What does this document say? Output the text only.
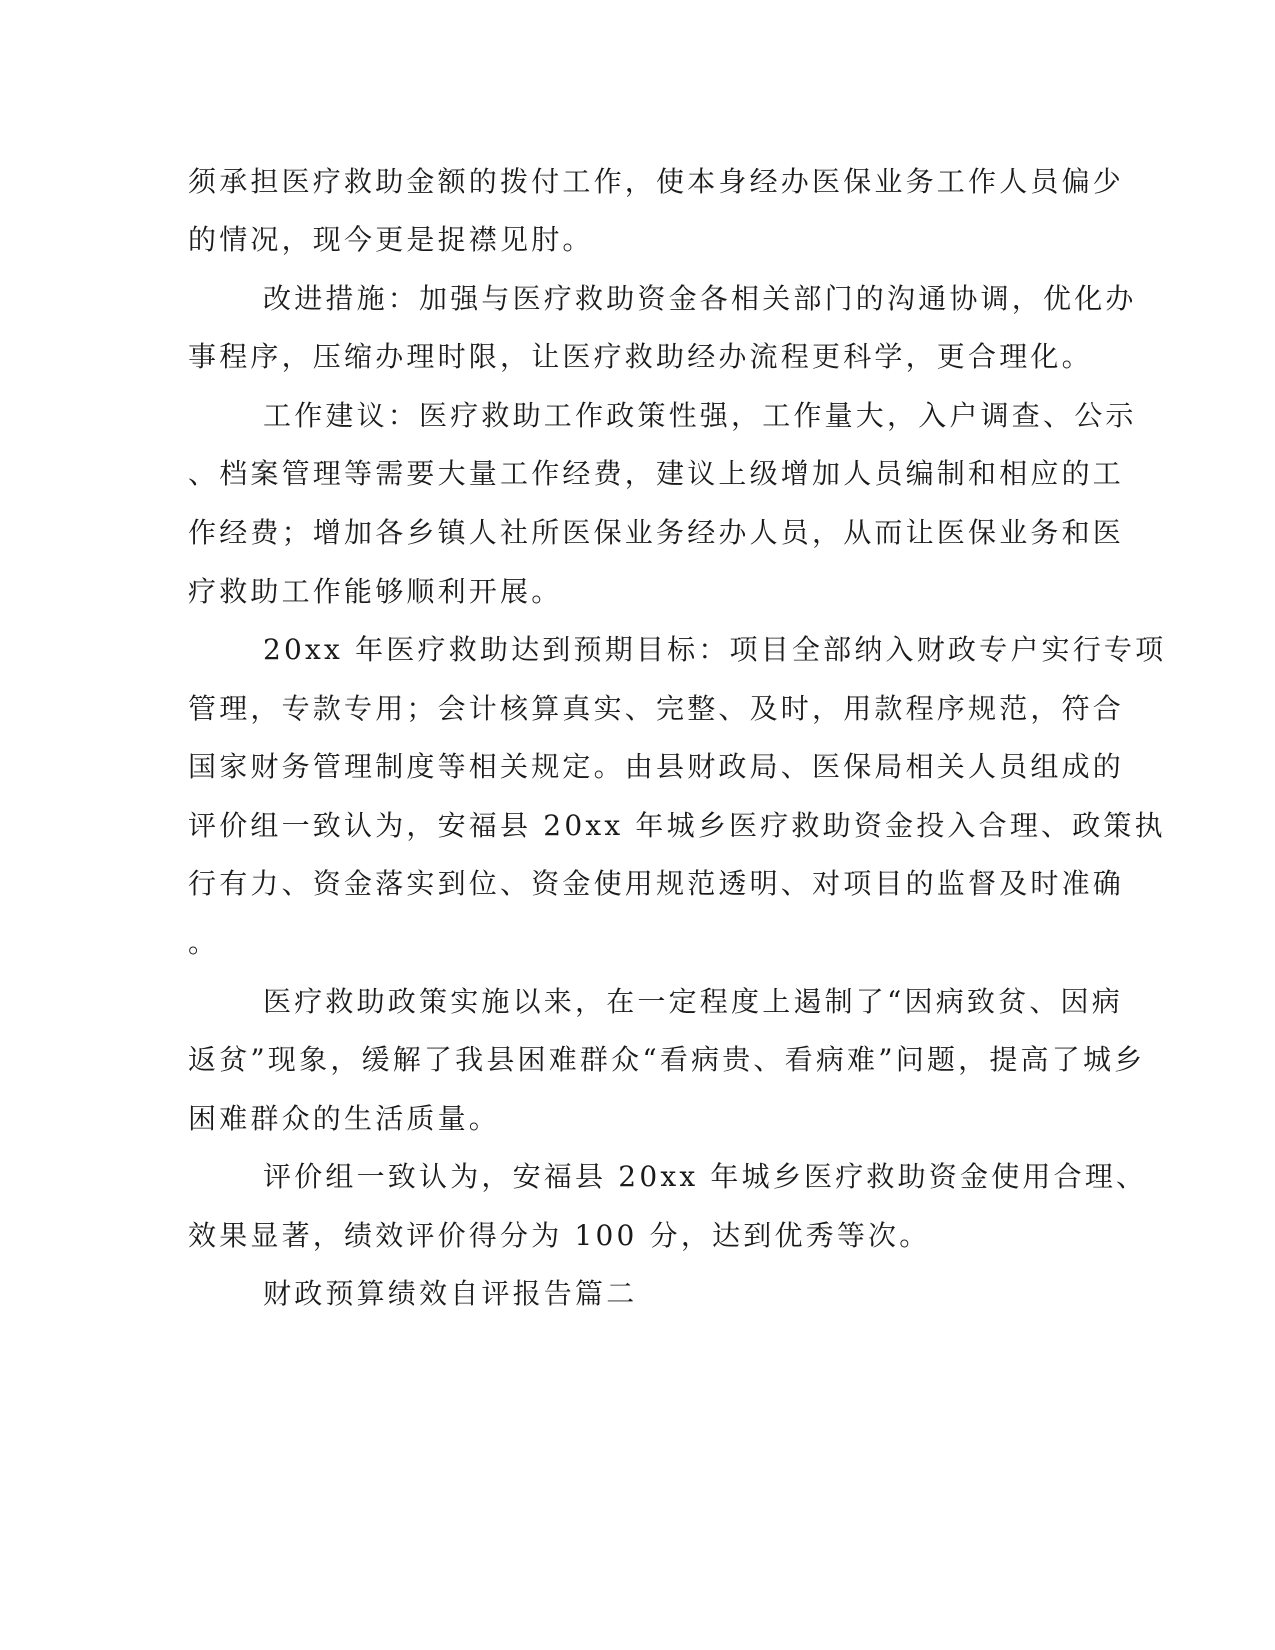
须承担医疗救助金额的拨付工作，使本身经办医保业务工作人员偏少
的情况，现今更是捉襟见肘。
改进措施：加强与医疗救助资金各相关部门的沟通协调，优化办
事程序，压缩办理时限，让医疗救助经办流程更科学，更合理化。
工作建议：医疗救助工作政策性强，工作量大，入户调查、公示
、档案管理等需要大量工作经费，建议上级增加人员编制和相应的工
作经费；增加各乡镇人社所医保业务经办人员，从而让医保业务和医
疗救助工作能够顺利开展。
20xx 年医疗救助达到预期目标：项目全部纳入财政专户实行专项
管理，专款专用；会计核算真实、完整、及时，用款程序规范，符合
国家财务管理制度等相关规定。由县财政局、医保局相关人员组成的
评价组一致认为，安福县 20xx 年城乡医疗救助资金投入合理、政策执
行有力、资金落实到位、资金使用规范透明、对项目的监督及时准确
。
医疗救助政策实施以来，在一定程度上遏制了“因病致贫、因病
返贫”现象，缓解了我县困难群众“看病贵、看病难”问题，提高了城乡
困难群众的生活质量。
评价组一致认为，安福县 20xx 年城乡医疗救助资金使用合理、
效果显著，绩效评价得分为 100 分，达到优秀等次。
财政预算绩效自评报告篇二
